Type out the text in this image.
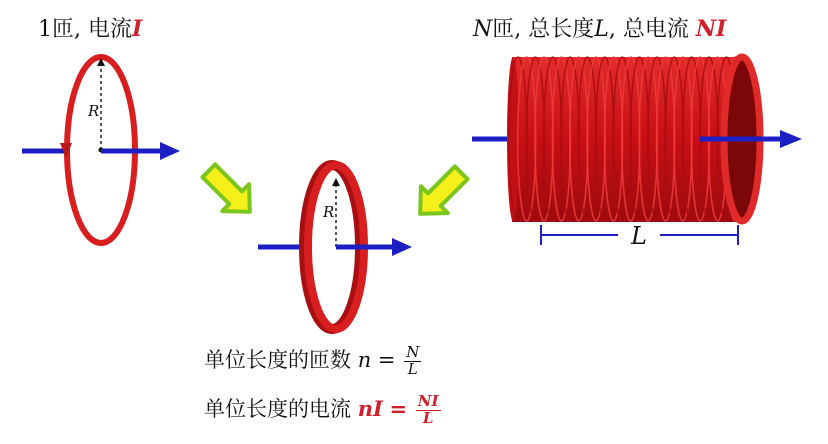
1匝, 电流I
R
R
N匝, 总长度L, 总电流 NI
L
单位长度的匝数 $n = \frac{N}{L}$
单位长度的电流 nI = $\frac{NI}{L}$
